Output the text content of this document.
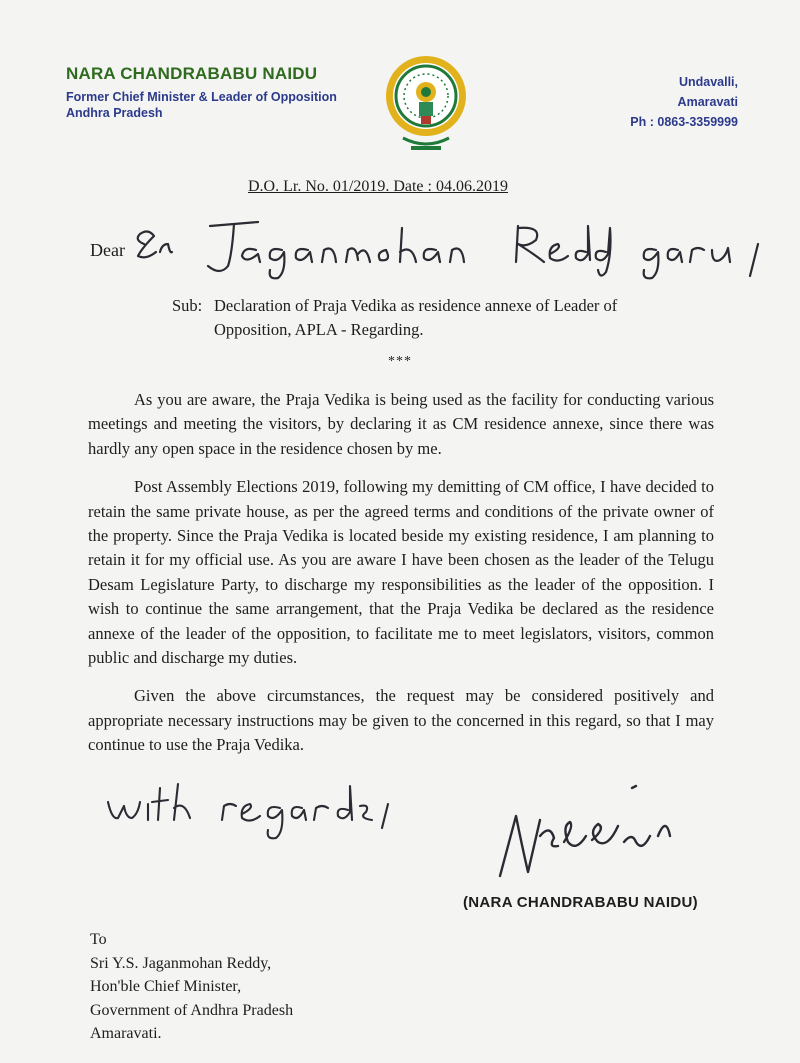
NARA CHANDRABABU NAIDU
Former Chief Minister & Leader of Opposition
Andhra Pradesh
Undavalli,
Amaravati
Ph : 0863-3359999
D.O. Lr. No. 01/2019. Date : 04.06.2019
Dear
Sub: Declaration of Praja Vedika as residence annexe of Leader of
Opposition, APLA - Regarding.
***

As you are aware, the Praja Vedika is being used as the facility for conducting various meetings and meeting the visitors, by declaring it as CM residence annexe, since there was hardly any open space in the residence chosen by me.

Post Assembly Elections 2019, following my demitting of CM office, I have decided to retain the same private house, as per the agreed terms and conditions of the private owner of the property. Since the Praja Vedika is located beside my existing residence, I am planning to retain it for my official use. As you are aware I have been chosen as the leader of the Telugu Desam Legislature Party, to discharge my responsibilities as the leader of the opposition. I wish to continue the same arrangement, that the Praja Vedika be declared as the residence annexe of the leader of the opposition, to facilitate me to meet legislators, visitors, common public and discharge my duties.

Given the above circumstances, the request may be considered positively and appropriate necessary instructions may be given to the concerned in this regard, so that I may continue to use the Praja Vedika.

(NARA CHANDRABABU NAIDU)
To
Sri Y.S. Jaganmohan Reddy,
Hon'ble Chief Minister,
Government of Andhra Pradesh
Amaravati.
